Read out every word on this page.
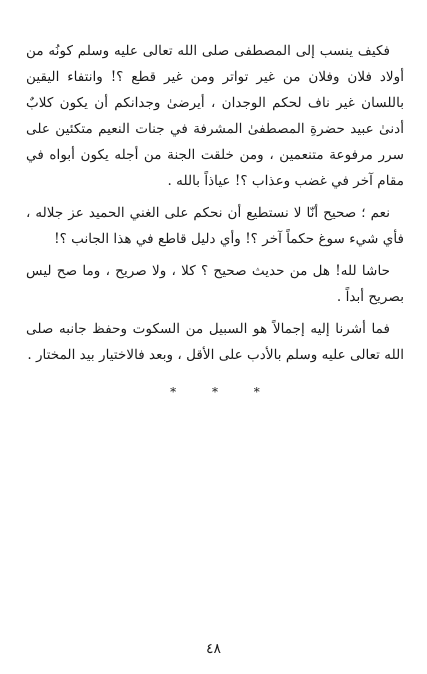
فكيف ينسب إلى المصطفى صلى الله تعالى عليه وسلم كونُه من أولاد فلان وفلان من غير تواتر ومن غير قطع ؟! وانتفاء اليقين باللسان غير ناف لحكم الوجدان ، أيرضىٰ وجدانكم أن يكون كلابٌ أدنىٰ عبيد حضرةِ المصطفىٰ المشرفة في جنات النعيم متكئين على سرر مرفوعة متنعمين ، ومن خلقت الجنة من أجله يكون أبواه في مقام آخر في غضب وعذاب ؟! عياذاً بالله .

نعم ؛ صحيح أنّا لا نستطيع أن نحكم على الغني الحميد عز جلاله ، فأي شيء سوغ حكماً آخر ؟! وأي دليل قاطع في هذا الجانب ؟!

حاشا لله! هل من حديث صحيح ؟ كلا ، ولا صريح ، وما صح ليس بصريح أبداً .

فما أشرنا إليه إجمالاً هو السبيل من السكوت وحفظ جانبه صلى الله تعالى عليه وسلم بالأدب على الأقل ، وبعد فالاختيار بيد المختار .

* * *

٤٨
